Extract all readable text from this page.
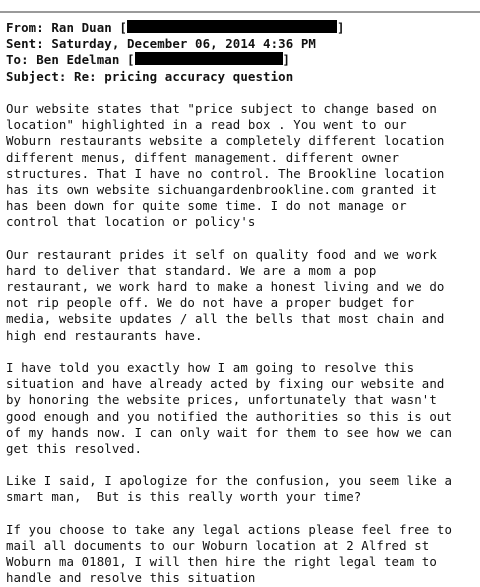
From: Ran Duan [	]
Sent: Saturday, December 06, 2014 4:36 PM
To: Ben Edelman [	]
Subject: Re: pricing accuracy question
Our website states that "price subject to change based on
location" highlighted in a read box . You went to our
Woburn restaurants website a completely different location
different menus, diffent management. different owner
structures. That I have no control. The Brookline location
has its own website sichuangardenbrookline.com granted it
has been down for quite some time. I do not manage or
control that location or policy's
Our restaurant prides it self on quality food and we work
hard to deliver that standard. We are a mom a pop
restaurant, we work hard to make a honest living and we do
not rip people off. We do not have a proper budget for
media, website updates / all the bells that most chain and
high end restaurants have.
I have told you exactly how I am going to resolve this
situation and have already acted by fixing our website and
by honoring the website prices, unfortunately that wasn't
good enough and you notified the authorities so this is out
of my hands now. I can only wait for them to see how we can
get this resolved.
Like I said, I apologize for the confusion, you seem like a
smart man,  But is this really worth your time?
If you choose to take any legal actions please feel free to
mail all documents to our Woburn location at 2 Alfred st
Woburn ma 01801, I will then hire the right legal team to
handle and resolve this situation
